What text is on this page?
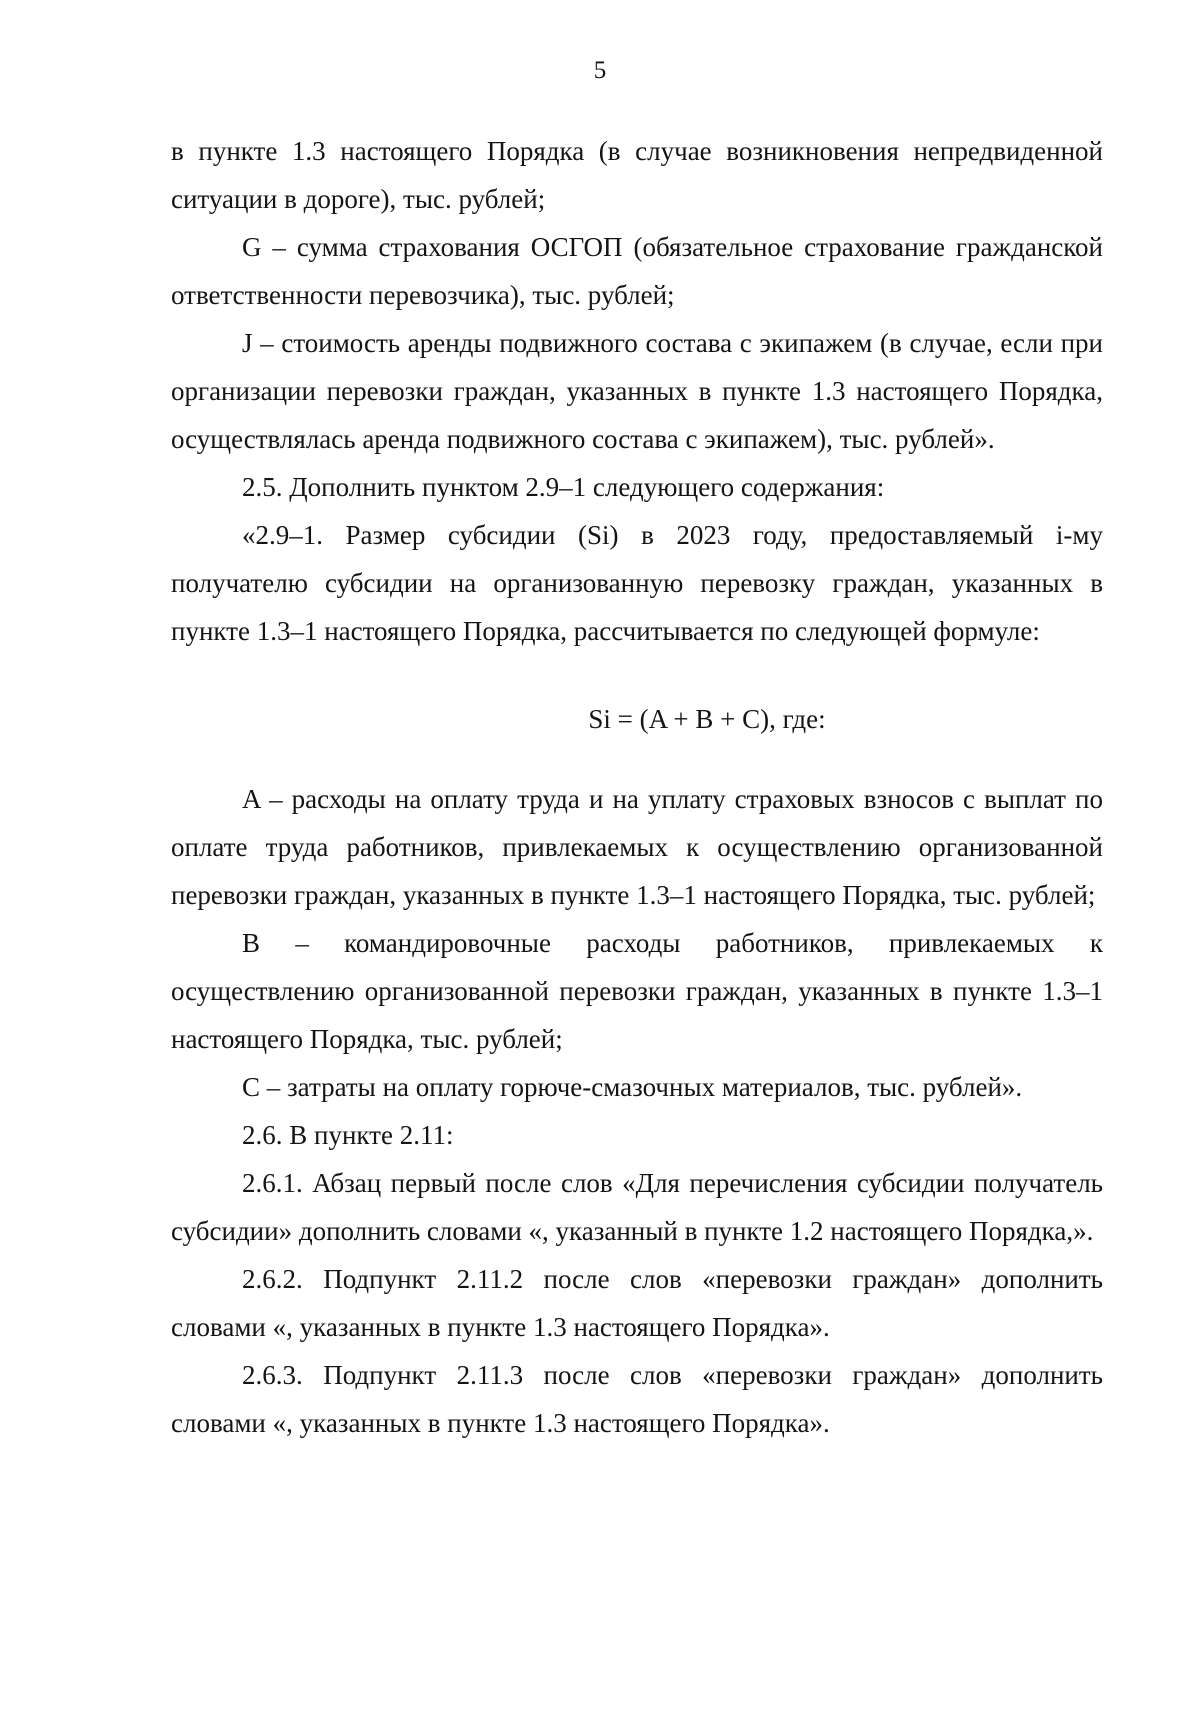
5

в пункте 1.3 настоящего Порядка (в случае возникновения непредвиденной ситуации в дороге), тыс. рублей;

G – сумма страхования ОСГОП (обязательное страхование гражданской ответственности перевозчика), тыс. рублей;

J – стоимость аренды подвижного состава с экипажем (в случае, если при организации перевозки граждан, указанных в пункте 1.3 настоящего Порядка, осуществлялась аренда подвижного состава с экипажем), тыс. рублей».

2.5. Дополнить пунктом 2.9–1 следующего содержания:

«2.9–1. Размер субсидии (Si) в 2023 году, предоставляемый i-му получателю субсидии на организованную перевозку граждан, указанных в пункте 1.3–1 настоящего Порядка, рассчитывается по следующей формуле:

Si = (A + B + C), где:

A – расходы на оплату труда и на уплату страховых взносов с выплат по оплате труда работников, привлекаемых к осуществлению организованной перевозки граждан, указанных в пункте 1.3–1 настоящего Порядка, тыс. рублей;

B – командировочные расходы работников, привлекаемых к осуществлению организованной перевозки граждан, указанных в пункте 1.3–1 настоящего Порядка, тыс. рублей;

C – затраты на оплату горюче-смазочных материалов, тыс. рублей».

2.6. В пункте 2.11:

2.6.1. Абзац первый после слов «Для перечисления субсидии получатель субсидии» дополнить словами «, указанный в пункте 1.2 настоящего Порядка,».

2.6.2. Подпункт 2.11.2 после слов «перевозки граждан» дополнить словами «, указанных в пункте 1.3 настоящего Порядка».

2.6.3. Подпункт 2.11.3 после слов «перевозки граждан» дополнить словами «, указанных в пункте 1.3 настоящего Порядка».
